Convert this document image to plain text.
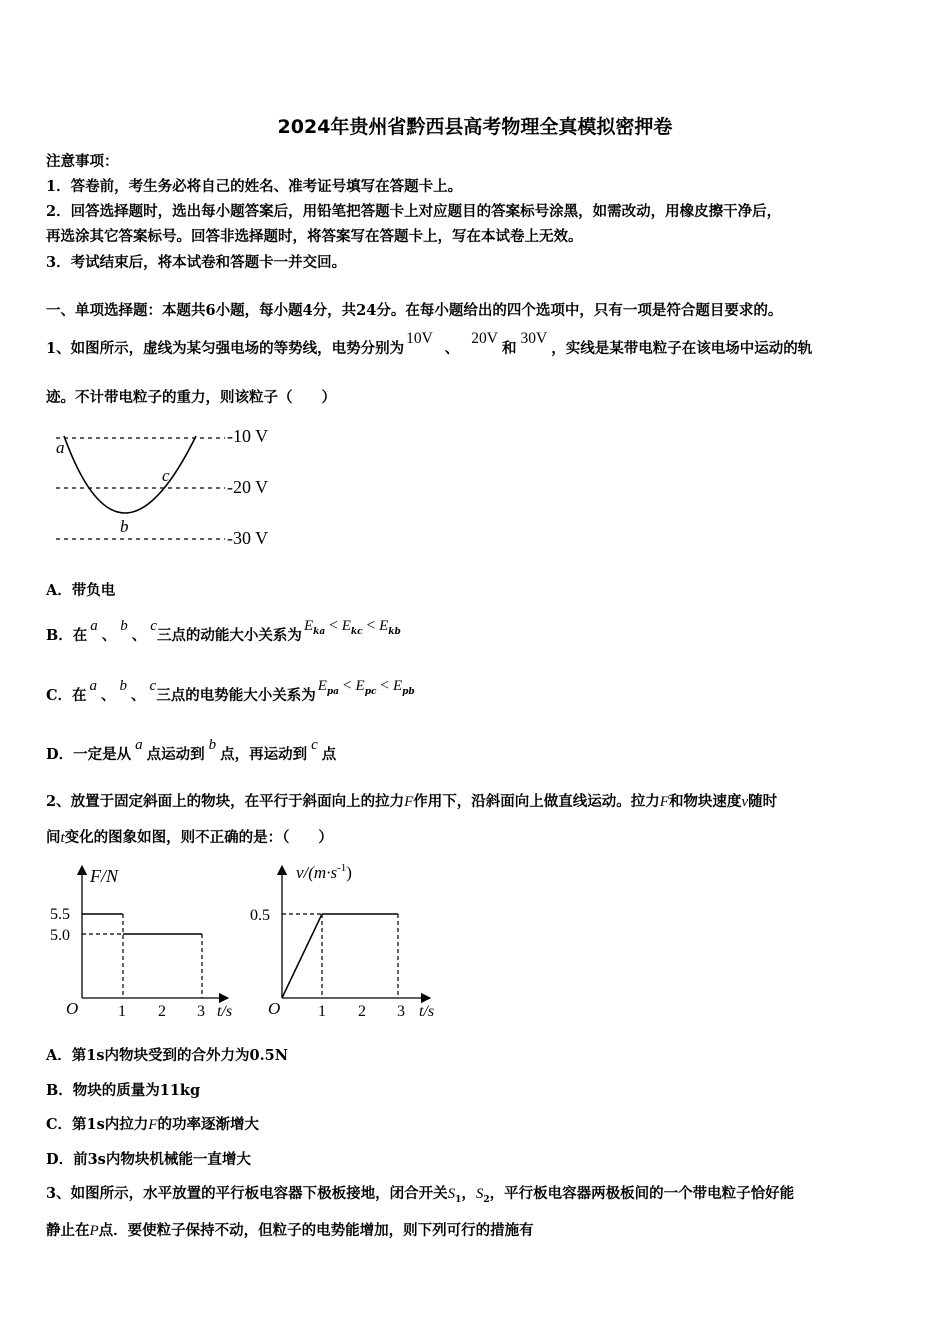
2024年贵州省黔西县高考物理全真模拟密押卷
注意事项：
1．答卷前，考生务必将自己的姓名、准考证号填写在答题卡上。
2．回答选择题时，选出每小题答案后，用铅笔把答题卡上对应题目的答案标号涂黑，如需改动，用橡皮擦干净后，
再选涂其它答案标号。回答非选择题时，将答案写在答题卡上，写在本试卷上无效。
3．考试结束后，将本试卷和答题卡一并交回。
一、单项选择题：本题共6小题，每小题4分，共24分。在每小题给出的四个选项中，只有一项是符合题目要求的。
1、如图所示，虚线为某匀强电场的等势线，电势分别为10V、20V和30V，实线是某带电粒子在该电场中运动的轨
迹。不计带电粒子的重力，则该粒子（　　）
-10 V
-20 V
-30 V
a
b
c
A．带负电
B．在a、b、c三点的动能大小关系为$E_{ka} < E_{kc} < E_{kb}$
C．在a、b、c三点的电势能大小关系为$E_{pa} < E_{pc} < E_{pb}$
D．一定是从a点运动到b点，再运动到c点
2、放置于固定斜面上的物块，在平行于斜面向上的拉力F作用下，沿斜面向上做直线运动。拉力F和物块速度v随时
间t变化的图象如图，则不正确的是：（　　）
F/N
5.5
5.0
O 1 2 3 t/s
$v/(m\cdot s^{-1})$
0.5
O 1 2 3 t/s
A．第1s内物块受到的合外力为0.5N
B．物块的质量为11kg
C．第1s内拉力F的功率逐渐增大
D．前3s内物块机械能一直增大
3、如图所示，水平放置的平行板电容器下极板接地，闭合开关$S_1$，$S_2$，平行板电容器两极板间的一个带电粒子恰好能
静止在P点．要使粒子保持不动，但粒子的电势能增加，则下列可行的措施有
